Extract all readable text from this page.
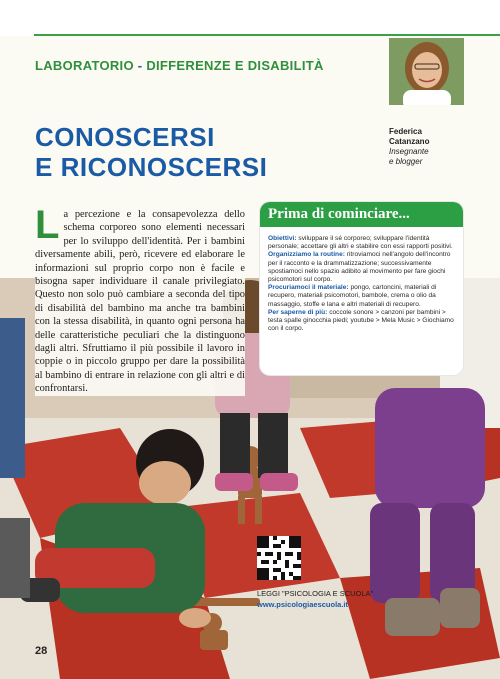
LABORATORIO - DIFFERENZE E DISABILITÀ
CONOSCERSI
E RICONOSCERSI
Federica
Catanzano
Insegnante
e blogger
La percezione e la consapevolezza dello schema corporeo sono elementi necessari per lo sviluppo dell'identità. Per i bambini diversamente abili, però, ricevere ed elaborare le informazioni sul proprio corpo non è facile e bisogna saper individuare il canale privilegiato. Questo non solo può cambiare a seconda del tipo di disabilità del bambino ma anche tra bambini con la stessa disabilità, in quanto ogni persona ha delle caratteristiche peculiari che la distinguono dagli altri. Sfruttiamo il più possibile il lavoro in coppie o in piccolo gruppo per dare la possibilità al bambino di entrare in relazione con gli altri e di confrontarsi.
Prima di cominciare...

Obiettivi: sviluppare il sé corporeo; sviluppare l'identità personale; accettare gli altri e stabilire con essi rapporti positivi.

Organizziamo la routine: ritroviamoci nell'angolo dell'incontro per il racconto e la drammatizzazione; successivamente spostiamoci nello spazio adibito al movimento per fare giochi psicomotori sul corpo.

Procuriamoci il materiale: pongo, cartoncini, materiali di recupero, materiali psicomotori, bambole, crema o olio da massaggio, stoffe e lana e altri materiali di recupero.

Per saperne di più: coccole sonore > canzoni per bambini > testa spalle ginocchia piedi; youtube > Mela Music > Giochiamo con il corpo.

LEGGI "PSICOLOGIA E SCUOLA"
www.psicologiaescuola.it
28
